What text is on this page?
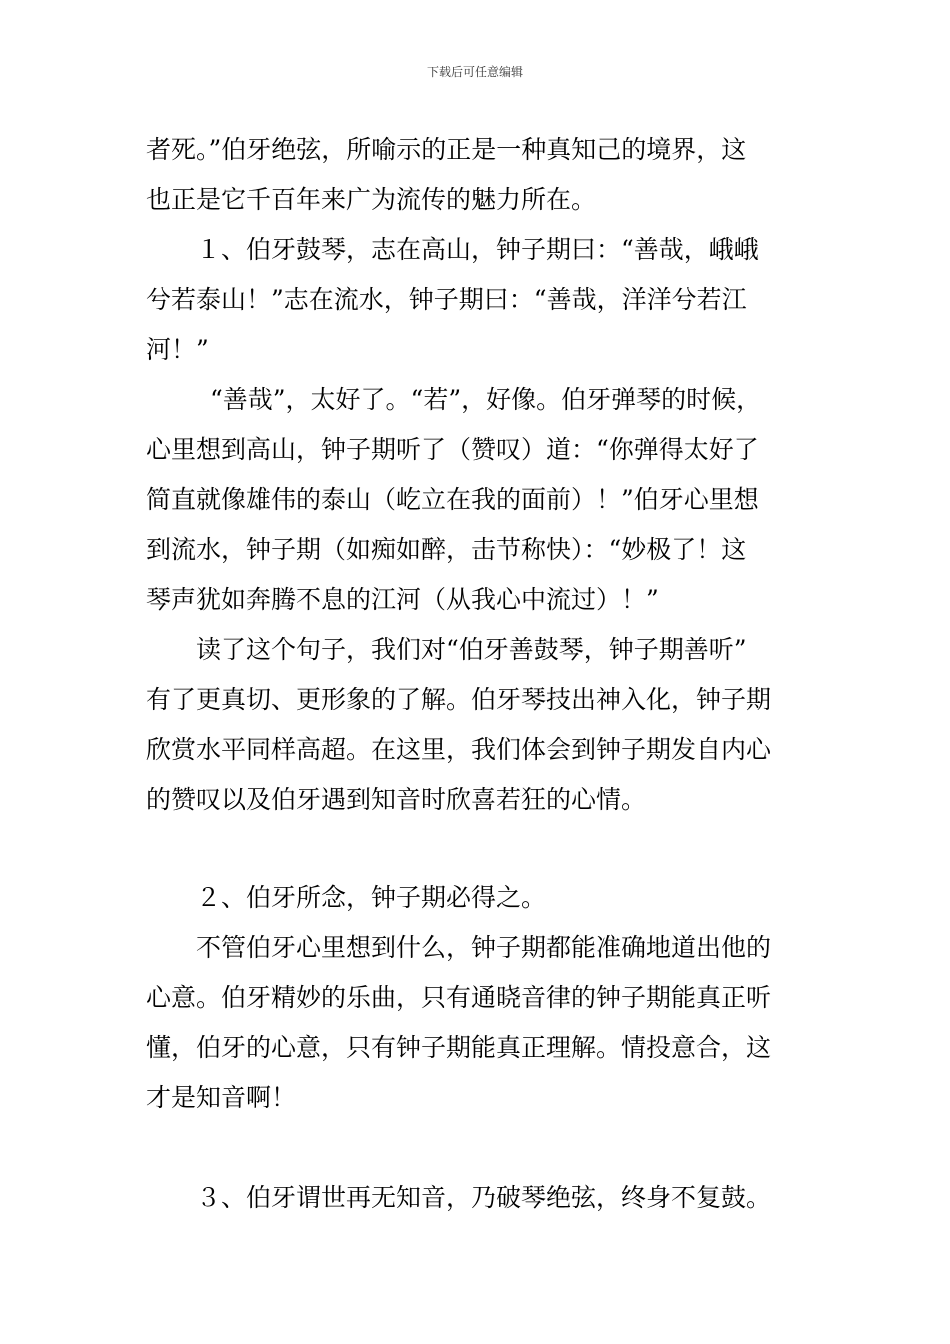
下载后可任意编辑
者死。”伯牙绝弦，所喻示的正是一种真知己的境界，这
也正是它千百年来广为流传的魅力所在。
１、伯牙鼓琴，志在高山，钟子期曰：“善哉，峨峨
兮若泰山！”志在流水，钟子期曰：“善哉，洋洋兮若江
河！”
“善哉”，太好了。“若”，好像。伯牙弹琴的时候，
心里想到高山，钟子期听了（赞叹）道：“你弹得太好了
简直就像雄伟的泰山（屹立在我的面前）！”伯牙心里想
到流水，钟子期（如痴如醉，击节称快）：“妙极了！这
琴声犹如奔腾不息的江河（从我心中流过）！”
读了这个句子，我们对“伯牙善鼓琴，钟子期善听”
有了更真切、更形象的了解。伯牙琴技出神入化，钟子期
欣赏水平同样高超。在这里，我们体会到钟子期发自内心
的赞叹以及伯牙遇到知音时欣喜若狂的心情。
２、伯牙所念，钟子期必得之。
不管伯牙心里想到什么，钟子期都能准确地道出他的
心意。伯牙精妙的乐曲，只有通晓音律的钟子期能真正听
懂，伯牙的心意，只有钟子期能真正理解。情投意合，这
才是知音啊！
３、伯牙谓世再无知音，乃破琴绝弦，终身不复鼓。
